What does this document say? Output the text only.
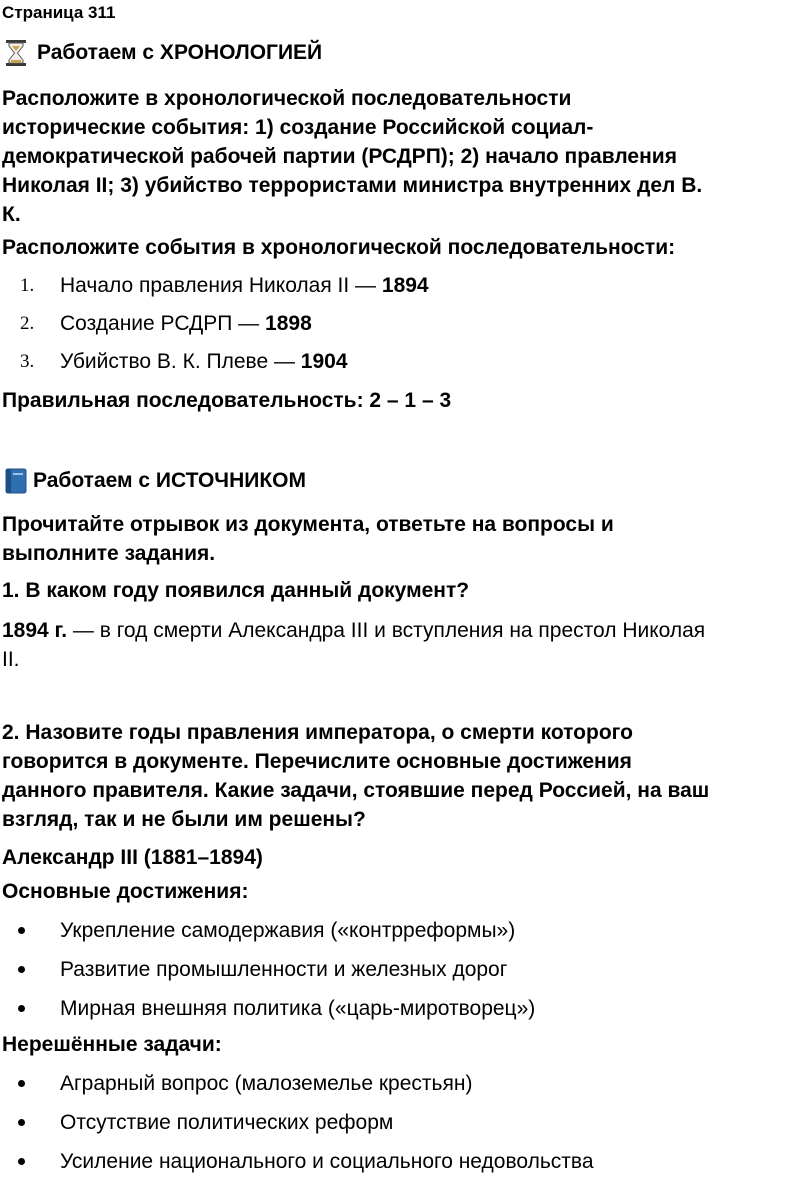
Страница 311
Работаем с ХРОНОЛОГИЕЙ
Расположите в хронологической последовательности
исторические события: 1) создание Российской социал-
демократической рабочей партии (РСДРП); 2) начало правления
Николая II; 3) убийство террористами министра внутренних дел В.
К.
Расположите события в хронологической последовательности:
1. Начало правления Николая II — 1894
2. Создание РСДРП — 1898
3. Убийство В. К. Плеве — 1904
Правильная последовательность: 2 – 1 – 3
Работаем с ИСТОЧНИКОМ
Прочитайте отрывок из документа, ответьте на вопросы и
выполните задания.
1. В каком году появился данный документ?
1894 г. — в год смерти Александра III и вступления на престол Николая
II.
2. Назовите годы правления императора, о смерти которого
говорится в документе. Перечислите основные достижения
данного правителя. Какие задачи, стоявшие перед Россией, на ваш
взгляд, так и не были им решены?
Александр III (1881–1894)
Основные достижения:
Укрепление самодержавия («контрреформы»)
Развитие промышленности и железных дорог
Мирная внешняя политика («царь-миротворец»)
Нерешённые задачи:
Аграрный вопрос (малоземелье крестьян)
Отсутствие политических реформ
Усиление национального и социального недовольства
